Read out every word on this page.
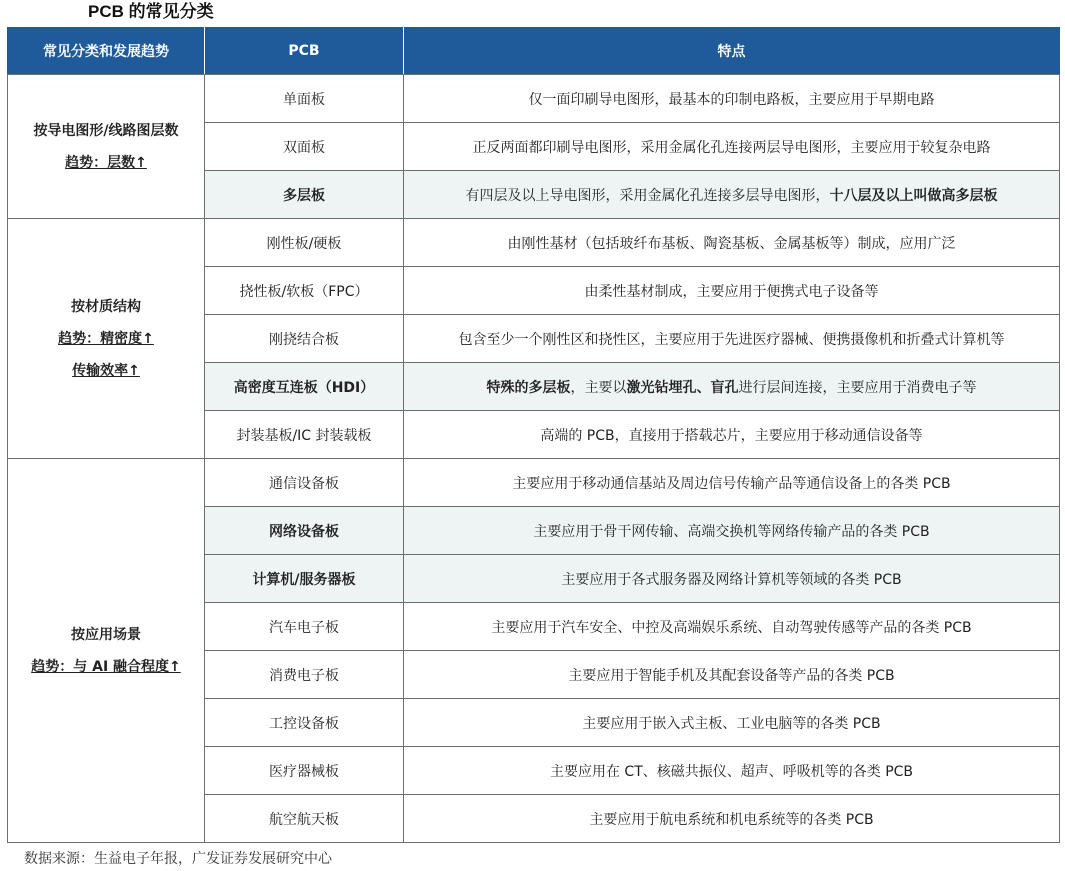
PCB 的常见分类
常见分类和发展趋势	PCB	特点

按导电图形/线路图层数
趋势：层数↑	单面板	仅一面印刷导电图形，最基本的印制电路板，主要应用于早期电路
	双面板	正反两面都印刷导电图形，采用金属化孔连接两层导电图形，主要应用于较复杂电路
	多层板	有四层及以上导电图形，采用金属化孔连接多层导电图形，十八层及以上叫做高多层板

按材质结构
趋势：精密度↑
传输效率↑	刚性板/硬板	由刚性基材（包括玻纤布基板、陶瓷基板、金属基板等）制成，应用广泛
	挠性板/软板（FPC）	由柔性基材制成，主要应用于便携式电子设备等
	刚挠结合板	包含至少一个刚性区和挠性区，主要应用于先进医疗器械、便携摄像机和折叠式计算机等
	高密度互连板（HDI）	特殊的多层板，主要以激光钻埋孔、盲孔进行层间连接，主要应用于消费电子等
	封装基板/IC 封装载板	高端的 PCB，直接用于搭载芯片，主要应用于移动通信设备等

按应用场景
趋势：与 AI 融合程度↑	通信设备板	主要应用于移动通信基站及周边信号传输产品等通信设备上的各类 PCB
	网络设备板	主要应用于骨干网传输、高端交换机等网络传输产品的各类 PCB
	计算机/服务器板	主要应用于各式服务器及网络计算机等领域的各类 PCB
	汽车电子板	主要应用于汽车安全、中控及高端娱乐系统、自动驾驶传感等产品的各类 PCB
	消费电子板	主要应用于智能手机及其配套设备等产品的各类 PCB
	工控设备板	主要应用于嵌入式主板、工业电脑等的各类 PCB
	医疗器械板	主要应用在 CT、核磁共振仪、超声、呼吸机等的各类 PCB
	航空航天板	主要应用于航电系统和机电系统等的各类 PCB
数据来源：生益电子年报，广发证券发展研究中心
